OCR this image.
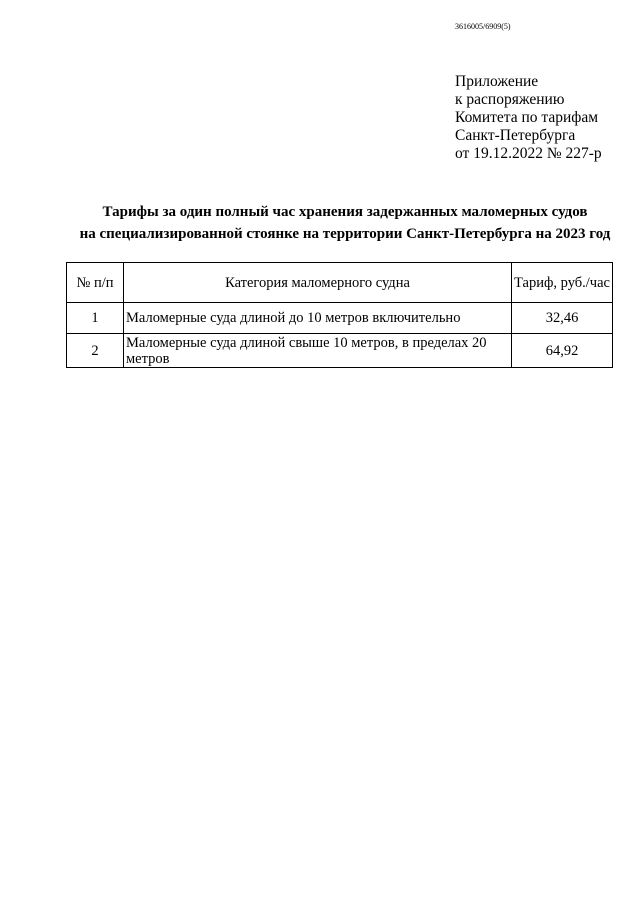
3616005/6909(5)
Приложение
к распоряжению
Комитета по тарифам
Санкт-Петербурга
от 19.12.2022 № 227-р
Тарифы за один полный час хранения задержанных маломерных судов
на специализированной стоянке на территории Санкт-Петербурга на 2023 год
№ п/п	Категория маломерного судна	Тариф, руб./час
1	Маломерные суда длиной до 10 метров включительно	32,46
2	Маломерные суда длиной свыше 10 метров, в пределах 20 метров	64,92
